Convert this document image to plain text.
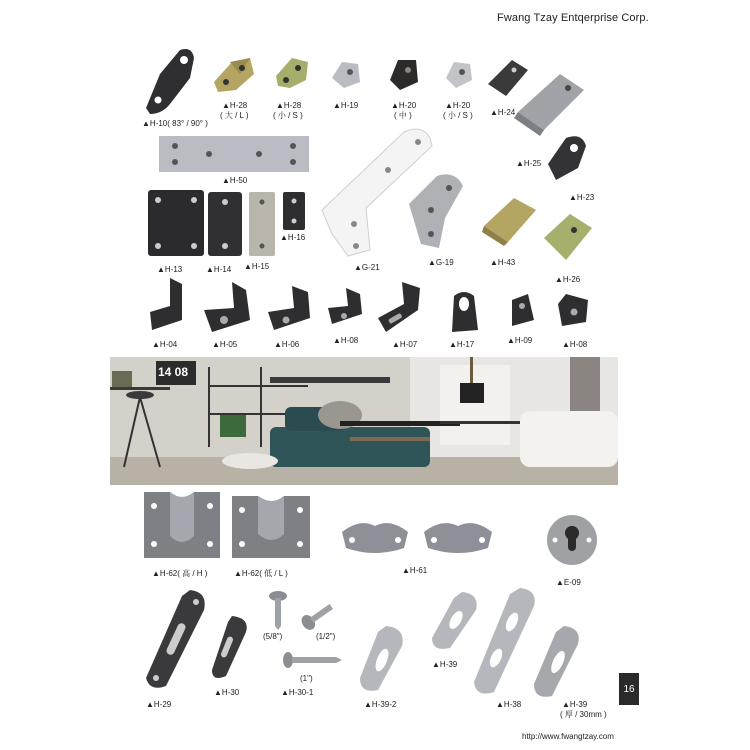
Fwang Tzay Entqerprise Corp.
▲H-10( 83° / 90° )
▲H-28
( 大 / L )
▲H-28
( 小 / S )
▲H-19	▲H-20
( 中 )
▲H-20
( 小 / S ) ▲H-24
▲H-50
▲H-25
▲H-23
▲H-13	▲H-14 ▲H-15
▲H-16
▲G-21
▲G-19	▲H-43
▲H-26
▲H-04	▲H-05	▲H-06	▲H-08	▲H-07	▲H-17	▲H-09	▲H-08
14 08
▲H-62( 高 / H )	▲H-62( 低 / L )	▲H-61
▲E-09
(5/8")	(1/2")
(1")
▲H-29
▲H-30	▲H-30-1
▲H-39-2
▲H-39
▲H-38	▲H-39
( 厚 / 30mm )
16
http://www.fwangtzay.com
